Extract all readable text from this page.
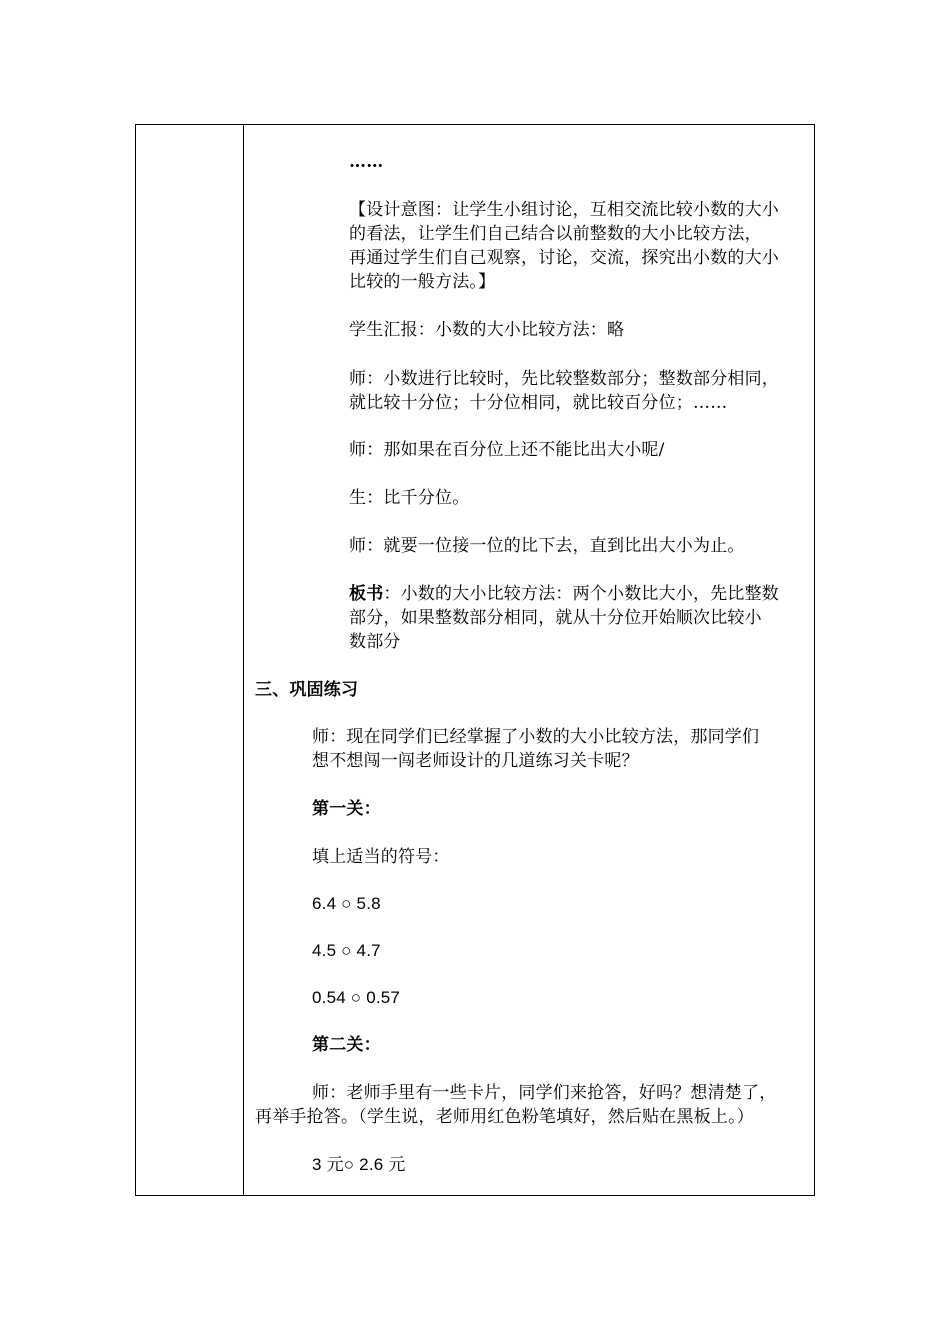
……
【设计意图：让学生小组讨论，互相交流比较小数的大小
的看法，让学生们自己结合以前整数的大小比较方法，
再通过学生们自己观察，讨论，交流，探究出小数的大小
比较的一般方法。】
学生汇报：小数的大小比较方法：略
师：小数进行比较时，先比较整数部分；整数部分相同，
就比较十分位；十分位相同，就比较百分位；……
师：那如果在百分位上还不能比出大小呢/
生：比千分位。
师：就要一位接一位的比下去，直到比出大小为止。
板书：小数的大小比较方法：两个小数比大小，先比整数
部分，如果整数部分相同，就从十分位开始顺次比较小
数部分
三、巩固练习
师：现在同学们已经掌握了小数的大小比较方法，那同学们
想不想闯一闯老师设计的几道练习关卡呢？
第一关：
填上适当的符号：
6.4 ○ 5.8
4.5 ○ 4.7
0.54 ○ 0.57
第二关：
师：老师手里有一些卡片，同学们来抢答，好吗？想清楚了，
再举手抢答。（学生说，老师用红色粉笔填好，然后贴在黑板上。）
3 元○ 2.6 元
